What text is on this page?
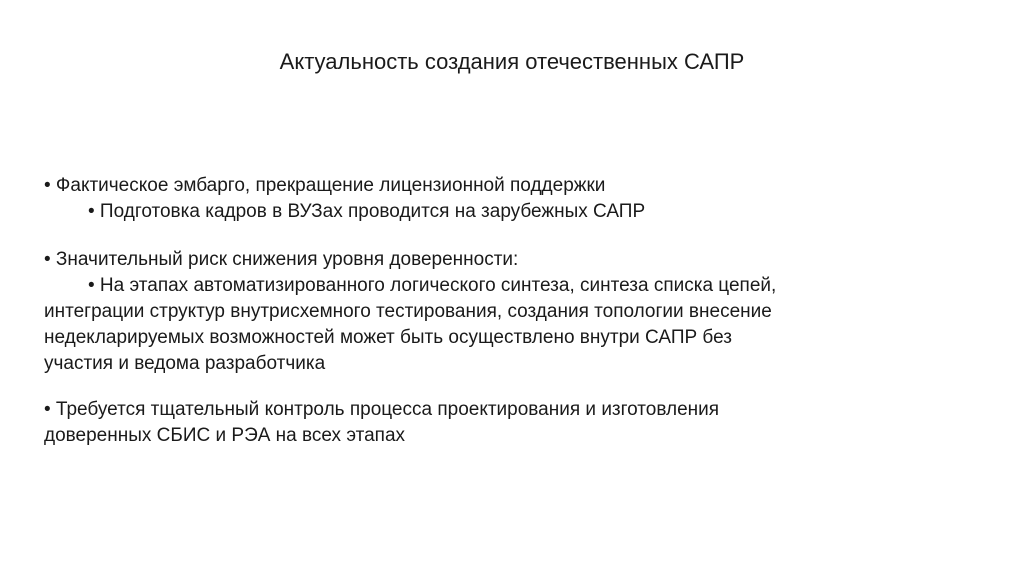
Актуальность создания отечественных САПР

• Фактическое эмбарго, прекращение лицензионной поддержки

• Подготовка кадров в ВУЗах проводится на зарубежных САПР

• Значительный риск снижения уровня доверенности:

• На этапах автоматизированного логического синтеза, синтеза списка цепей,

интеграции структур внутрисхемного тестирования, создания топологии внесение

недекларируемых возможностей может быть осуществлено внутри САПР без

участия и ведома разработчика

• Требуется тщательный контроль процесса проектирования и изготовления

доверенных СБИС и РЭА на всех этапах
